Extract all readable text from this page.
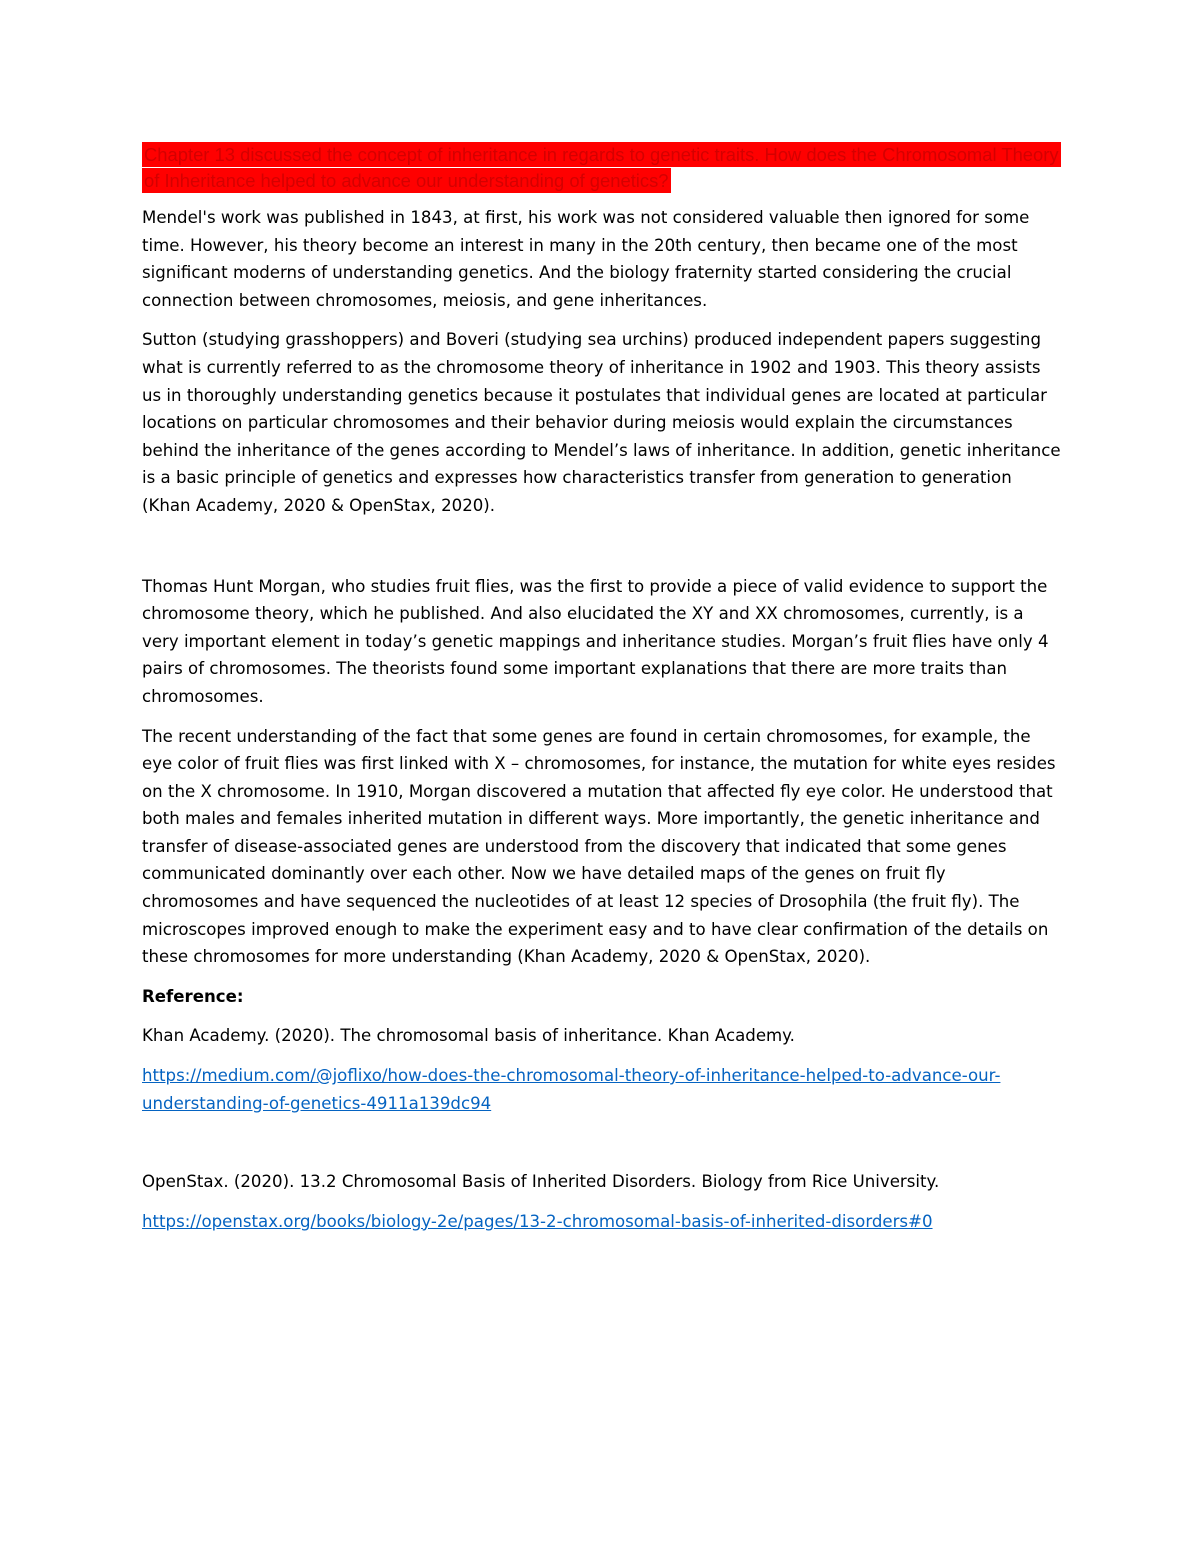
Chapter 13 discussed the concept of inheritance in regards to genetic traits. How does the Chromosomal Theory of Inheritance helped to advance our understanding of genetics?

Mendel's work was published in 1843, at first, his work was not considered valuable then ignored for some time. However, his theory become an interest in many in the 20th century, then became one of the most significant moderns of understanding genetics. And the biology fraternity started considering the crucial connection between chromosomes, meiosis, and gene inheritances.

Sutton (studying grasshoppers) and Boveri (studying sea urchins) produced independent papers suggesting what is currently referred to as the chromosome theory of inheritance in 1902 and 1903. This theory assists us in thoroughly understanding genetics because it postulates that individual genes are located at particular locations on particular chromosomes and their behavior during meiosis would explain the circumstances behind the inheritance of the genes according to Mendel’s laws of inheritance. In addition, genetic inheritance is a basic principle of genetics and expresses how characteristics transfer from generation to generation (Khan Academy, 2020 & OpenStax, 2020).

Thomas Hunt Morgan, who studies fruit flies, was the first to provide a piece of valid evidence to support the chromosome theory, which he published. And also elucidated the XY and XX chromosomes, currently, is a very important element in today’s genetic mappings and inheritance studies. Morgan’s fruit flies have only 4 pairs of chromosomes. The theorists found some important explanations that there are more traits than chromosomes.

The recent understanding of the fact that some genes are found in certain chromosomes, for example, the eye color of fruit flies was first linked with X – chromosomes, for instance, the mutation for white eyes resides on the X chromosome. In 1910, Morgan discovered a mutation that affected fly eye color. He understood that both males and females inherited mutation in different ways. More importantly, the genetic inheritance and transfer of disease-associated genes are understood from the discovery that indicated that some genes communicated dominantly over each other. Now we have detailed maps of the genes on fruit fly chromosomes and have sequenced the nucleotides of at least 12 species of Drosophila (the fruit fly). The microscopes improved enough to make the experiment easy and to have clear confirmation of the details on these chromosomes for more understanding (Khan Academy, 2020 & OpenStax, 2020).

Reference:

Khan Academy. (2020). The chromosomal basis of inheritance. Khan Academy.

https://medium.com/@joflixo/how-does-the-chromosomal-theory-of-inheritance-helped-to-advance-our-understanding-of-genetics-4911a139dc94

OpenStax. (2020). 13.2 Chromosomal Basis of Inherited Disorders. Biology from Rice University.

https://openstax.org/books/biology-2e/pages/13-2-chromosomal-basis-of-inherited-disorders#0
